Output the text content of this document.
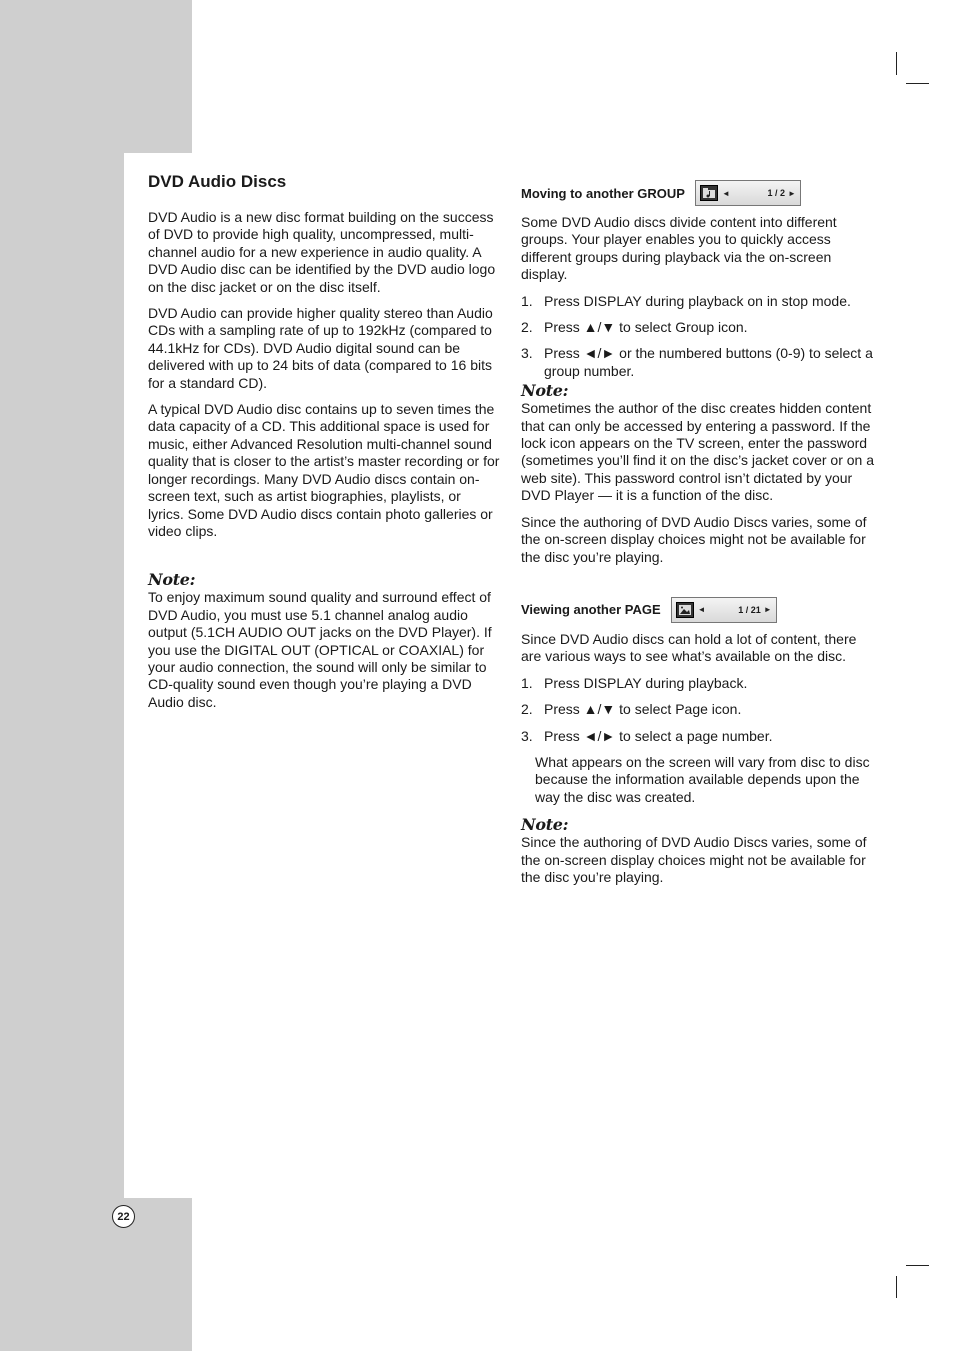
22
DVD Audio Discs

DVD Audio is a new disc format building on the success of DVD to provide high quality, uncompressed, multi-channel audio for a new experience in audio quality. A DVD Audio disc can be identified by the DVD audio logo on the disc jacket or on the disc itself.

DVD Audio can provide higher quality stereo than Audio CDs with a sampling rate of up to 192kHz (compared to 44.1kHz for CDs). DVD Audio digital sound can be delivered with up to 24 bits of data (compared to 16 bits for a standard CD).

A typical DVD Audio disc contains up to seven times the data capacity of a CD. This additional space is used for music, either Advanced Resolution multi-channel sound quality that is closer to the artist’s master recording or for longer recordings. Many DVD Audio discs contain on-screen text, such as artist biographies, playlists, or lyrics. Some DVD Audio discs contain photo galleries or video clips.

Note:

To enjoy maximum sound quality and surround effect of DVD Audio, you must use 5.1 channel analog audio output (5.1CH AUDIO OUT jacks on the DVD Player). If you use the DIGITAL OUT (OPTICAL or COAXIAL) for your audio connection, the sound will only be similar to CD-quality sound even though you’re playing a DVD Audio disc.

Moving to another GROUP	◄	1 / 2 ►

Some DVD Audio discs divide content into different groups. Your player enables you to quickly access different groups during playback via the on-screen display.

1. Press DISPLAY during playback on in stop mode.
2. Press ▲/▼ to select Group icon.
3. Press ◄/► or the numbered buttons (0-9) to select a group number.
Note:

Sometimes the author of the disc creates hidden content that can only be accessed by entering a password. If the lock icon appears on the TV screen, enter the password (sometimes you’ll find it on the disc’s jacket cover or on a web site). This password control isn’t dictated by your DVD Player — it is a function of the disc.

Since the authoring of DVD Audio Discs varies, some of the on-screen display choices might not be available for the disc you’re playing.

Viewing another PAGE	◄	1 / 21 ►

Since DVD Audio discs can hold a lot of content, there are various ways to see what’s available on the disc.

1. Press DISPLAY during playback.
2. Press ▲/▼ to select Page icon.
3. Press ◄/► to select a page number.

What appears on the screen will vary from disc to disc because the information available depends upon the way the disc was created.

Note:

Since the authoring of DVD Audio Discs varies, some of the on-screen display choices might not be available for the disc you’re playing.
